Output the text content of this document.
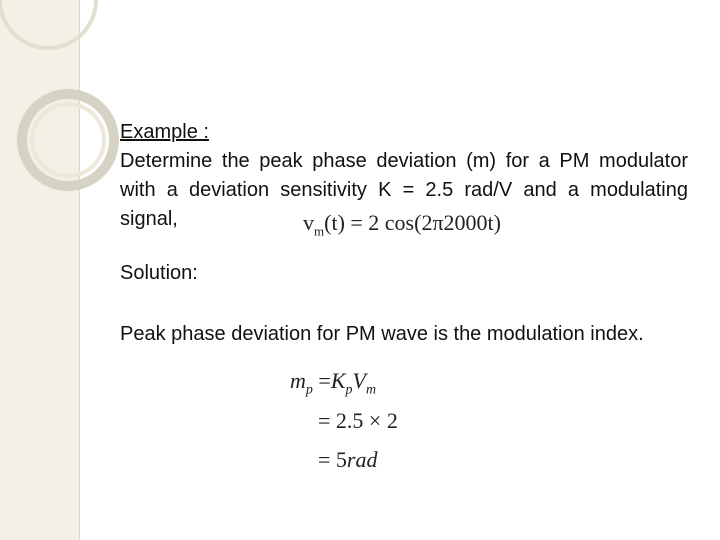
Example :
Determine the peak phase deviation (m) for a PM modulator with a deviation sensitivity K = 2.5 rad/V and a modulating signal,	$v_m(t) = 2$ cos(2π2000t)
Solution:
Peak phase deviation for PM wave is the modulation index.
$m_p =K_pV_m$
= 2.5 × 2
= 5rad
